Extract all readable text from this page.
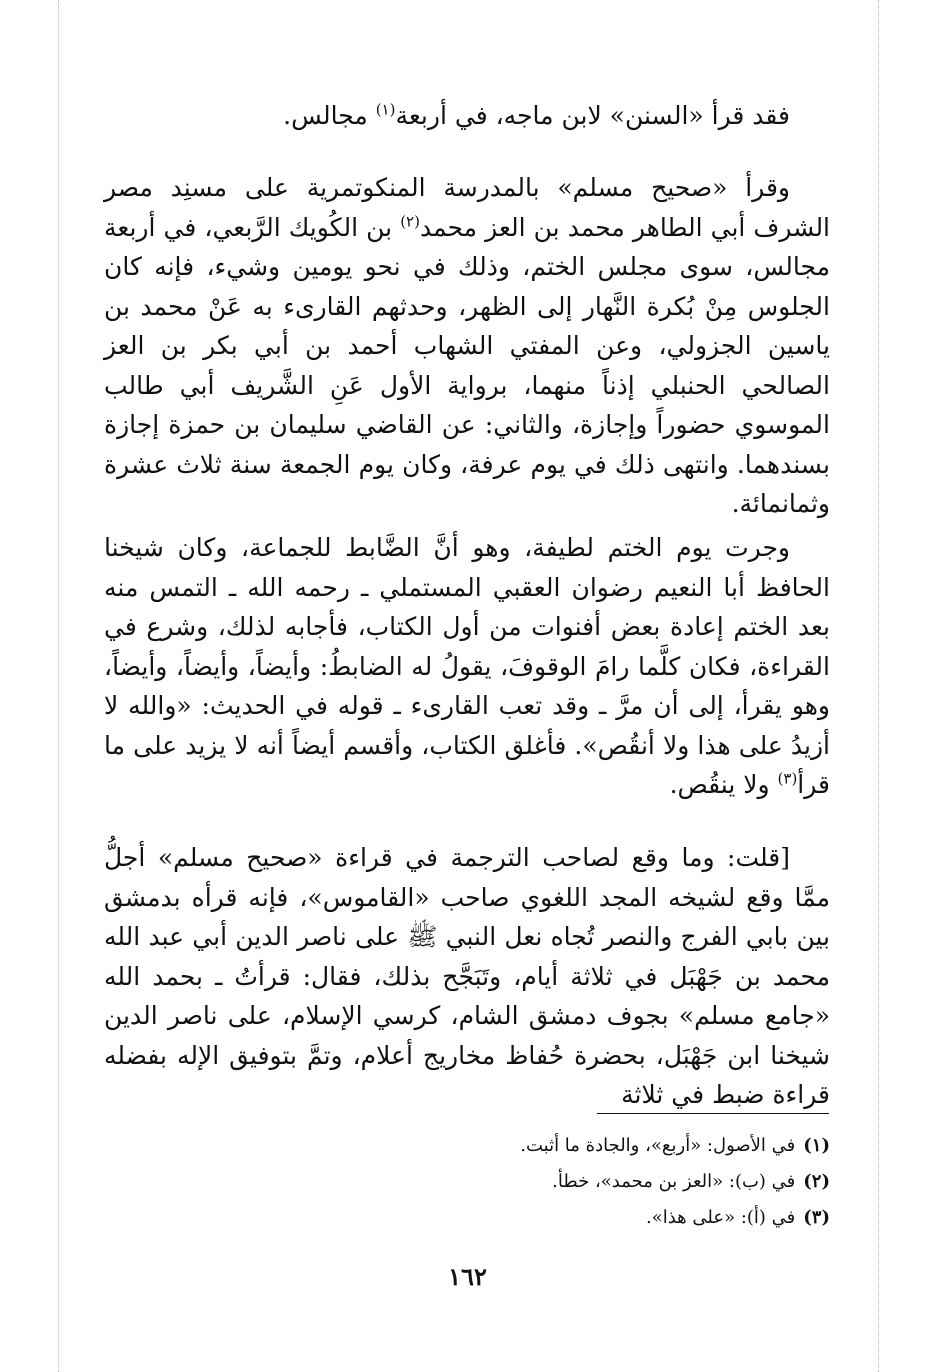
فقد قرأ «السنن» لابن ماجه، في أربعة$^{(١)}$ مجالس.

وقرأ «صحيح مسلم» بالمدرسة المنكوتمرية على مسنِد مصر الشرف أبي الطاهر محمد بن العز محمد$^{(٢)}$ بن الكُويك الرَّبعي، في أربعة مجالس، سوى مجلس الختم، وذلك في نحو يومين وشيء، فإنه كان الجلوس مِنْ بُكرة النَّهار إلى الظهر، وحدثهم القارىء به عَنْ محمد بن ياسين الجزولي، وعن المفتي الشهاب أحمد بن أبي بكر بن العز الصالحي الحنبلي إذناً منهما، برواية الأول عَنِ الشَّريف أبي طالب الموسوي حضوراً وإجازة، والثاني: عن القاضي سليمان بن حمزة إجازة بسندهما. وانتهى ذلك في يوم عرفة، وكان يوم الجمعة سنة ثلاث عشرة وثمانمائة.

وجرت يوم الختم لطيفة، وهو أنَّ الضَّابط للجماعة، وكان شيخنا الحافظ أبا النعيم رضوان العقبي المستملي ـ رحمه الله ـ التمس منه بعد الختم إعادة بعض أفنوات من أول الكتاب، فأجابه لذلك، وشرع في القراءة، فكان كلَّما رامَ الوقوفَ، يقولُ له الضابطُ: وأيضاً، وأيضاً، وأيضاً، وهو يقرأ، إلى أن مرَّ ـ وقد تعب القارىء ـ قوله في الحديث: «والله لا أزيدُ على هذا ولا أنقُص». فأغلق الكتاب، وأقسم أيضاً أنه لا يزيد على ما قرأ$^{(٣)}$ ولا ينقُص.

[قلت: وما وقع لصاحب الترجمة في قراءة «صحيح مسلم» أجلُّ ممَّا وقع لشيخه المجد اللغوي صاحب «القاموس»، فإنه قرأه بدمشق بين بابي الفرج والنصر تُجاه نعل النبي ﷺ على ناصر الدين أبي عبد الله محمد بن جَهْبَل في ثلاثة أيام، وتَبَجَّح بذلك، فقال: قرأتُ ـ بحمد الله «جامع مسلم» بجوف دمشق الشام، كرسي الإسلام، على ناصر الدين شيخنا ابن جَهْبَل، بحضرة حُفاظ مخاريج أعلام، وتمَّ بتوفيق الإله بفضله قراءة ضبط في ثلاثة

(١)في الأصول: «أربع»، والجادة ما أثبت.

(٢)في (ب): «العز بن محمد»، خطأ.

(٣)في (أ): «على هذا».

١٦٢
